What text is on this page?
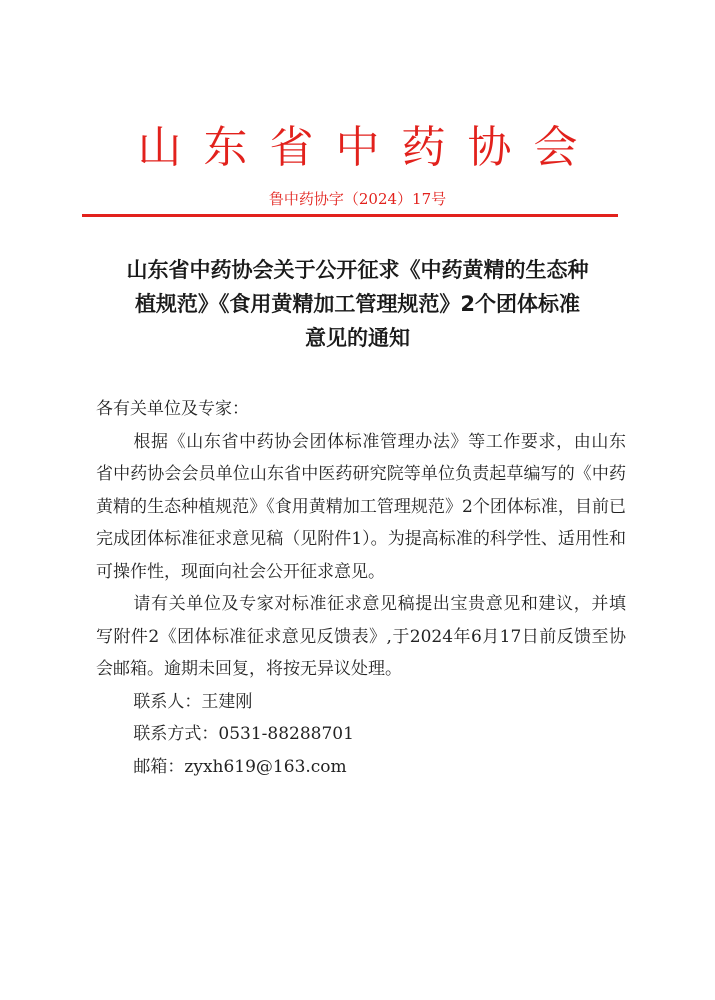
山东省中药协会
鲁中药协字（2024）17号
山东省中药协会关于公开征求《中药黄精的生态种
植规范》《食用黄精加工管理规范》2个团体标准
意见的通知

各有关单位及专家：

根据《山东省中药协会团体标准管理办法》等工作要求，由山东省中药协会会员单位山东省中医药研究院等单位负责起草编写的《中药黄精的生态种植规范》《食用黄精加工管理规范》2个团体标准，目前已完成团体标准征求意见稿（见附件1）。为提高标准的科学性、适用性和可操作性，现面向社会公开征求意见。

请有关单位及专家对标准征求意见稿提出宝贵意见和建议，并填写附件2《团体标准征求意见反馈表》,于2024年6月17日前反馈至协会邮箱。逾期未回复，将按无异议处理。

联系人：王建刚

联系方式：0531-88288701

邮箱：zyxh619@163.com
